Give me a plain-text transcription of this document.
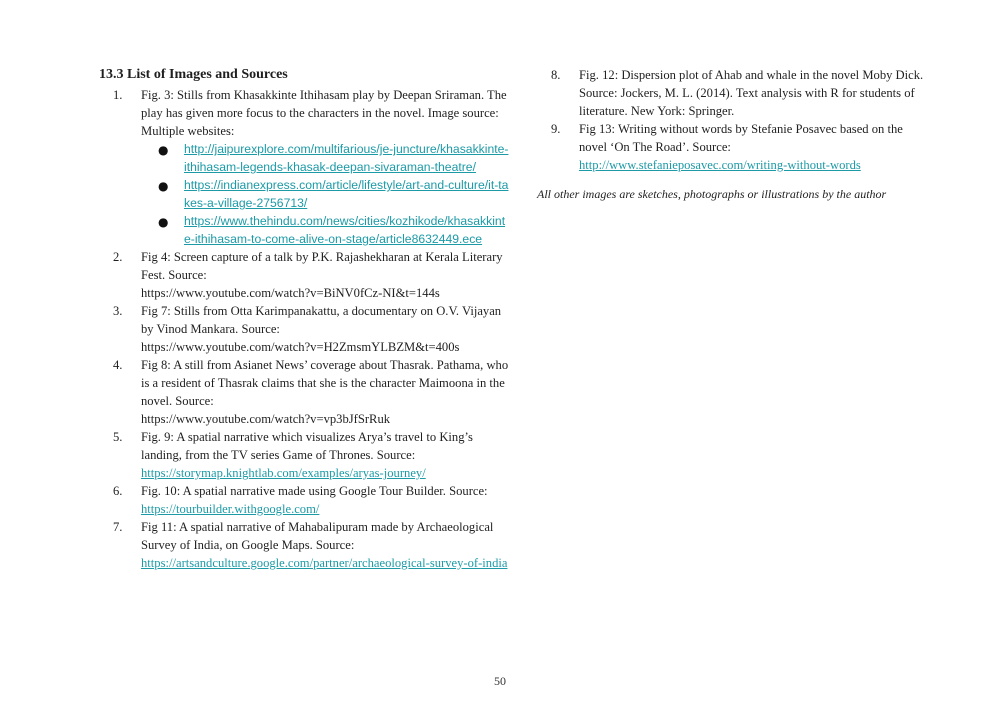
13.3 List of Images and Sources
1. Fig. 3: Stills from Khasakkinte Ithihasam play by Deepan Sriraman. The play has given more focus to the characters in the novel. Image source: Multiple websites:
● http://jaipurexplore.com/multifarious/je-juncture/khasakkinte-ithihasam-legends-khasak-deepan-sivaraman-theatre/
● https://indianexpress.com/article/lifestyle/art-and-culture/it-takes-a-village-2756713/
● https://www.thehindu.com/news/cities/kozhikode/khasakkinte-ithihasam-to-come-alive-on-stage/article8632449.ece
2. Fig 4: Screen capture of a talk by P.K. Rajashekharan at Kerala Literary Fest. Source:
https://www.youtube.com/watch?v=BiNV0fCz-NI&t=144s
3. Fig 7: Stills from Otta Karimpanakattu, a documentary on O.V. Vijayan by Vinod Mankara. Source:
https://www.youtube.com/watch?v=H2ZmsmYLBZM&t=400s
4. Fig 8: A still from Asianet News’ coverage about Thasrak. Pathama, who is a resident of Thasrak claims that she is the character Maimoona in the novel. Source:
https://www.youtube.com/watch?v=vp3bJfSrRuk
5. Fig. 9: A spatial narrative which visualizes Arya’s travel to King’s landing, from the TV series Game of Thrones. Source:
https://storymap.knightlab.com/examples/aryas-journey/
6. Fig. 10: A spatial narrative made using Google Tour Builder. Source: https://tourbuilder.withgoogle.com/
7. Fig 11: A spatial narrative of Mahabalipuram made by Archaeological Survey of India, on Google Maps. Source:
https://artsandculture.google.com/partner/archaeological-survey-of-india
8. Fig. 12: Dispersion plot of Ahab and whale in the novel Moby Dick. Source: Jockers, M. L. (2014). Text analysis with R for students of literature. New York: Springer.
9. Fig 13: Writing without words by Stefanie Posavec based on the novel ‘On The Road’. Source:
http://www.stefanieposavec.com/writing-without-words
All other images are sketches, photographs or illustrations by the author
50
